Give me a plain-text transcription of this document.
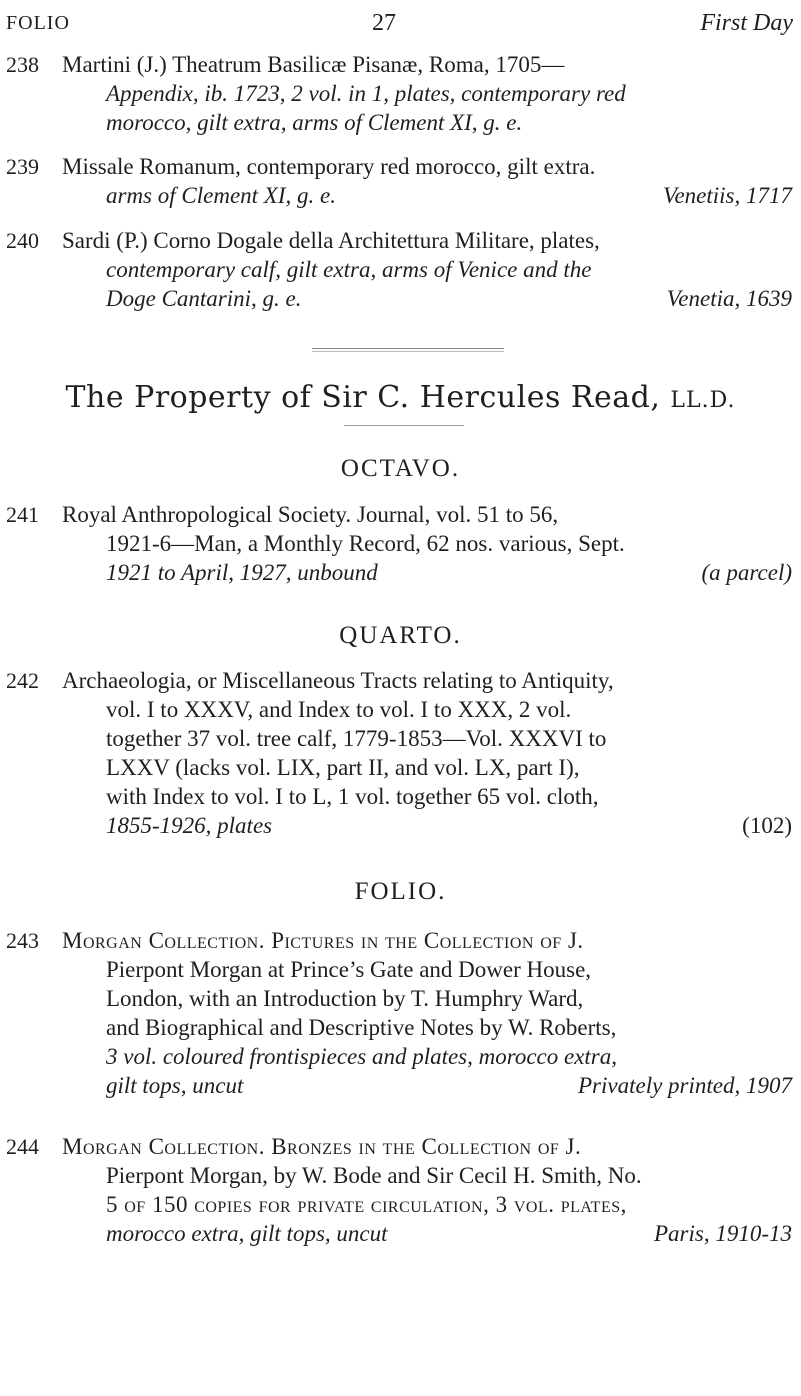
FOLIO	27	First Day
238 Martini (J.) Theatrum Basilicæ Pisanæ, Roma, 1705—
Appendix, ib. 1723, 2 vol. in 1, plates, contemporary red
morocco, gilt extra, arms of Clement XI, g. e.
239 Missale Romanum, contemporary red morocco, gilt extra.
arms of Clement XI, g. e.	Venetiis, 1717
240 Sardi (P.) Corno Dogale della Architettura Militare, plates,
contemporary calf, gilt extra, arms of Venice and the
Doge Cantarini, g. e.	Venetia, 1639
The Property of Sir C. Hercules Read, LL.D.
OCTAVO.
241 Royal Anthropological Society. Journal, vol. 51 to 56,
1921-6—Man, a Monthly Record, 62 nos. various, Sept.
1921 to April, 1927, unbound	(a parcel)
QUARTO.
242 Archaeologia, or Miscellaneous Tracts relating to Antiquity,
vol. I to XXXV, and Index to vol. I to XXX, 2 vol.
together 37 vol. tree calf, 1779-1853—Vol. XXXVI to
LXXV (lacks vol. LIX, part II, and vol. LX, part I),
with Index to vol. I to L, 1 vol. together 65 vol. cloth,
1855-1926, plates	(102)
FOLIO.
243 Morgan Collection. Pictures in the Collection of J.
Pierpont Morgan at Prince’s Gate and Dower House,
London, with an Introduction by T. Humphry Ward,
and Biographical and Descriptive Notes by W. Roberts,
3 vol. coloured frontispieces and plates, morocco extra,
gilt tops, uncut	Privately printed, 1907
244 Morgan Collection. Bronzes in the Collection of J.
Pierpont Morgan, by W. Bode and Sir Cecil H. Smith, No.
5 of 150 copies for private circulation, 3 vol. plates,
morocco extra, gilt tops, uncut	Paris, 1910-13
